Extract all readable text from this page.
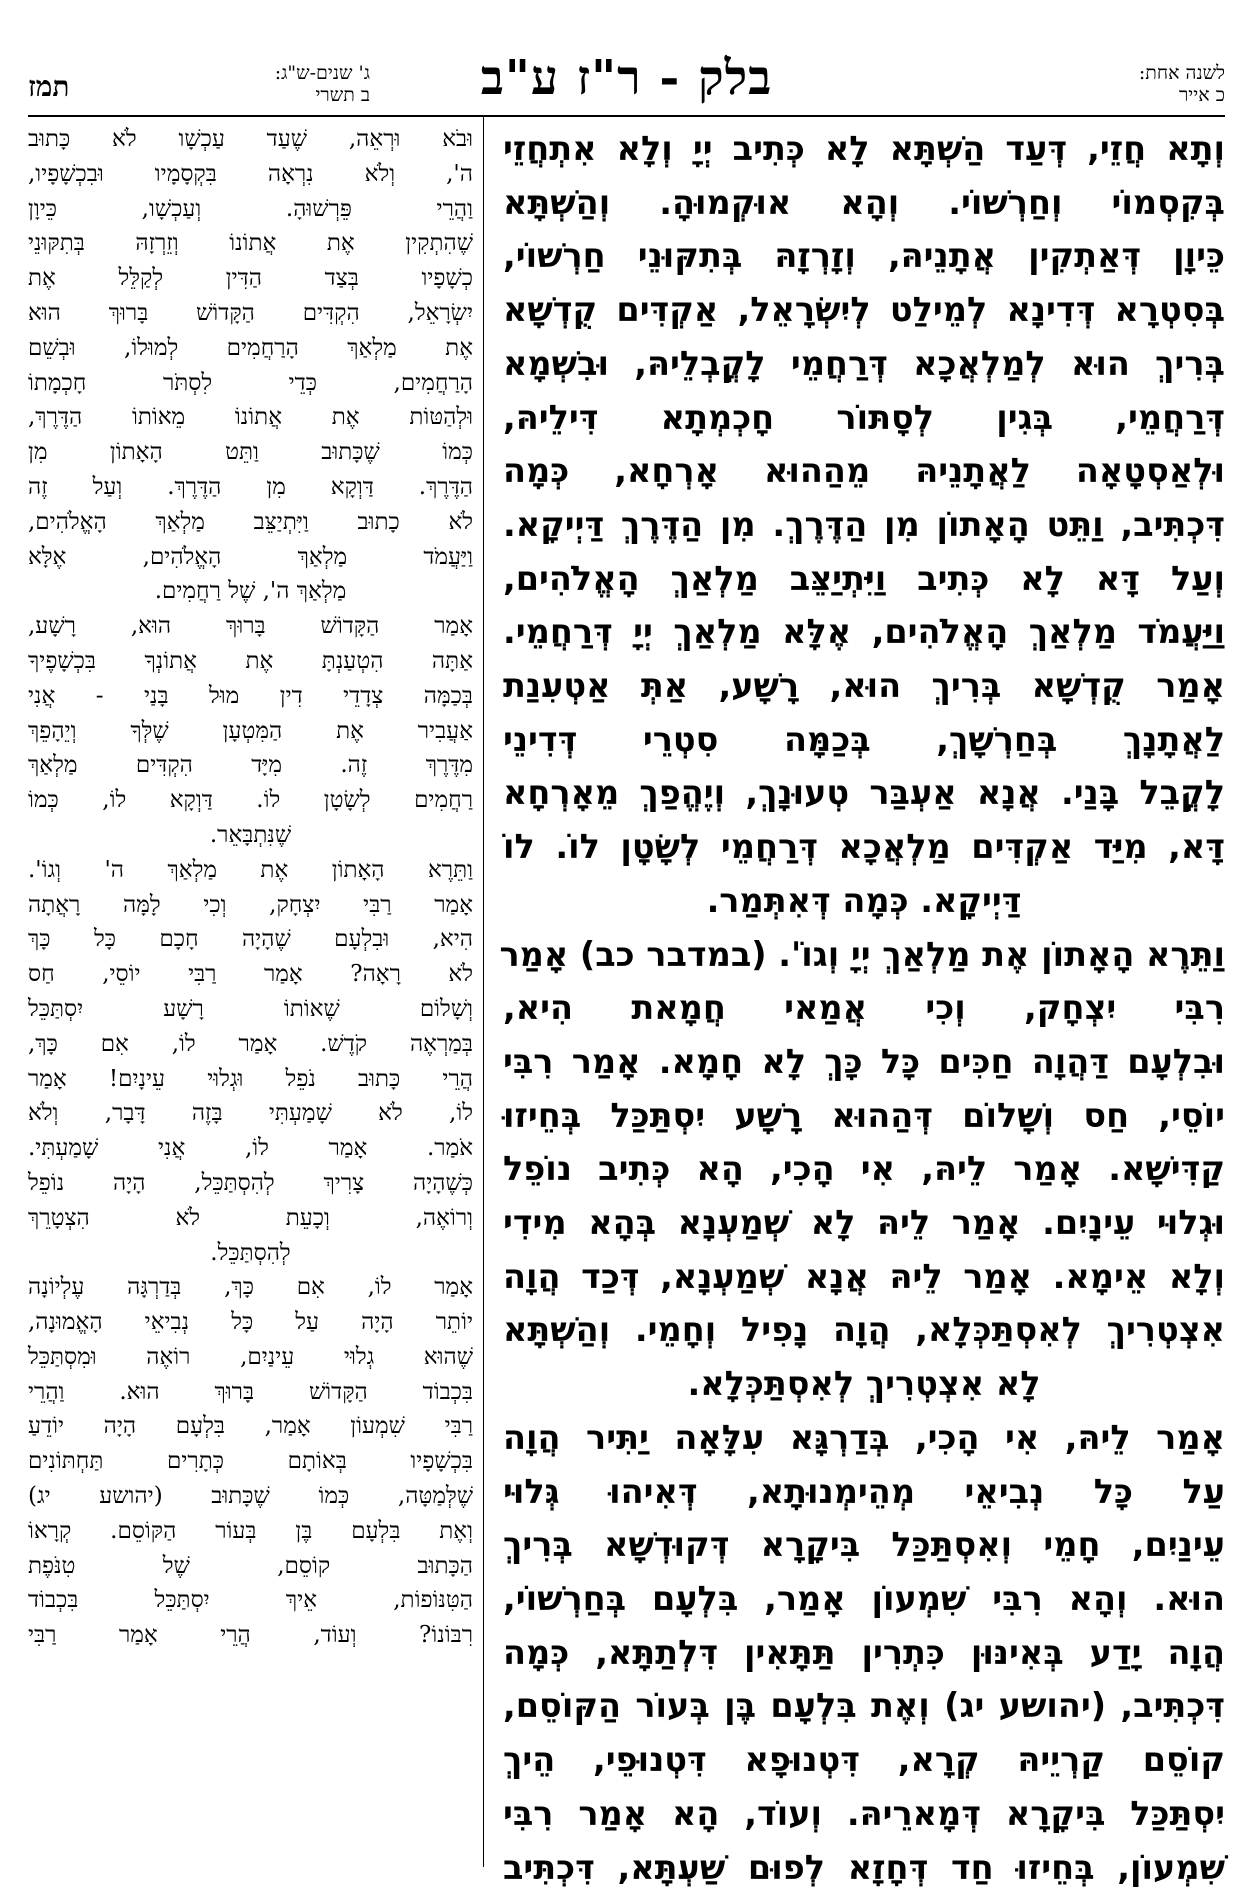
לשנה אחת:
כ אייר
בלק - ר"ז ע"ב
ג' שנים-ש"ג:
ב תשרי
תמז
וְתָא חֲזֵי, דְּעַד הַשְׁתָּא לָא כְּתִיב יְיָ וְלָא אִתְחֲזֵי
בְּקִסְמוֹי וְחַרְשׁוֹי. וְהָא אוּקְמוּהָ. וְהַשְׁתָּא
כֵּיוָן דְּאַתְקִין אֲתָנֵיהּ, וְזָרְזָהּ בְּתִקּוּנֵי חַרְשׁוֹי,
בְּסִטְרָא דְּדִינָא לְמֵילַט לְיִשְׂרָאֵל, אַקְדִּים קֻדְשָׁא
בְּרִיךְ הוּא לְמַלְאֲכָא דְּרַחֲמֵי לָקֳבְלֵיהּ, וּבִשְׁמָא
דְּרַחֲמֵי, בְּגִין לְסָתּוֹר חָכְמְתָא דִּילֵיהּ,
וּלְאַסְטָאָה לַאֲתָנֵיהּ מֵהַהוּא אָרְחָא, כְּמָה
דִּכְתִּיב, וַתֵּט הָאָתוֹן מִן הַדֶּרֶךְ. מִן הַדֶּרֶךְ דַּיְיקָא.
וְעַל דָּא לָא כְּתִיב וַיִּתְיַצֵּב מַלְאַךְ הָאֱלֹהִים,
וַיַּעֲמֹד מַלְאַךְ הָאֱלֹהִים, אֶלָּא מַלְאַךְ יְיָ דְּרַחֲמֵי.
אָמַר קֻדְשָׁא בְּרִיךְ הוּא, רָשָׁע, אַתְּ אַטְעִנַת
לַאֲתָנָךְ בְּחַרְשָׁךְ, בְּכַמָּה סִטְרֵי דְּדִינֵי
לָקֳבֵל בָּנַי. אֲנָא אַעְבַּר טְעוּנָךְ, וְיֶהֱפַךְ מֵאָרְחָא
דָּא, מִיַּד אַקְדִּים מַלְאֲכָא דְּרַחֲמֵי לְשָׂטָן לוֹ. לוֹ
דַּיְיקָא. כְּמָה דְּאִתְּמַר.
וַתֵּרֶא הָאָתוֹן אֶת מַלְאַךְ יְיָ וְגוֹ'. (במדבר כב) אָמַר
רִבִּי יִצְחָק, וְכִי אֲמַאי חֲמָאת הִיא,
וּבִלְעָם דַּהֲוָה חַכִּים כָּל כָּךְ לָא חָמָא. אָמַר רִבִּי
יוֹסֵי, חַס וְשָׁלוֹם דְּהַהוּא רָשָׁע יִסְתַּכַּל בְּחֵיזוּ
קַדִּישָׁא. אָמַר לֵיהּ, אִי הָכִי, הָא כְּתִיב נוֹפֵל
וּגְלוּי עֵינָיִם. אָמַר לֵיהּ לָא שְׁמַעְנָא בְּהָא מִידִי
וְלָא אֵימָא. אָמַר לֵיהּ אֲנָא שְׁמַעְנָא, דְּכַד הֲוָה
אִצְטְרִיךְ לְאִסְתַּכְּלָא, הֲוָה נָפִיל וְחָמֵי. וְהַשְׁתָּא
לָא אִצְטְרִיךְ לְאִסְתַּכְּלָא.
אָמַר לֵיהּ, אִי הָכִי, בְּדַרְגָּא עִלָּאָה יַתִּיר הֲוָה
עַל כָּל נְבִיאֵי מְהֵימְנוּתָא, דְּאִיהוּ גְּלוּי
עֵינַיִם, חָמֵי וְאִסְתַּכַּל בִּיקָרָא דְּקוּדְשָׁא בְּרִיךְ
הוּא. וְהָא רִבִּי שִׁמְעוֹן אָמַר, בִּלְעָם בְּחַרְשׁוֹי,
הֲוָה יָדַע בְּאִינּוּן כִּתְרִין תַּתָּאִין דִּלְתַתָּא, כְּמָה
דִּכְתִּיב, (יהושע יג) וְאֶת בִּלְעָם בֶּן בְּעוֹר הַקּוֹסֵם,
קוֹסֵם קַרְיֵיהּ קְרָא, דִּטְנוּפָא דִּטְנוּפֵי, הֵיךְ
יִסְתַּכַּל בִּיקָרָא דְּמָארֵיהּ. וְעוֹד, הָא אָמַר רִבִּי
שִׁמְעוֹן, בְּחֵיזוּ חַד דְּחָזָא לְפוּם שַׁעְתָּא, דִּכְתִּיב
וּבֹא וּרְאֵה, שֶׁעַד עַכְשָׁו לֹא כָּתוּב
ה', וְלֹא נִרְאָה בִּקְסָמָיו וּבִכְשָׁפָיו,
וַהֲרֵי פֵּרְשׁוּהָ. וְעַכְשָׁו, כֵּיוָן
שֶׁהִתְקִין אֶת אֲתוֹנוֹ וְזֵרְזָהּ בְּתִקּוּנֵי
כְשָׁפָיו בְּצַד הַדִּין לְקַלֵּל אֶת
יִשְׂרָאֵל, הִקְדִּים הַקָּדוֹשׁ בָּרוּךְ הוּא
אֶת מַלְאַךְ הָרַחֲמִים לְמוּלוֹ, וּבְשֵׁם
הָרַחֲמִים, כְּדֵי לִסְתֹּר חָכְמָתוֹ
וּלְהַטּוֹת אֶת אֲתוֹנוֹ מֵאוֹתוֹ הַדֶּרֶךְ,
כְּמוֹ שֶׁכָּתוּב וַתֵּט הָאָתוֹן מִן
הַדֶּרֶךְ. דַּוְקָא מִן הַדֶּרֶךְ. וְעַל זֶה
לֹא כָתוּב וַיִּתְיַצֵּב מַלְאַךְ הָאֱלֹהִים,
וַיַּעֲמֹד מַלְאַךְ הָאֱלֹהִים, אֶלָּא
מַלְאַךְ ה', שֶׁל רַחֲמִים.
אָמַר הַקָּדוֹשׁ בָּרוּךְ הוּא, רָשָׁע,
אַתָּה הִטְעַנְתָּ אֶת אֲתוֹנְךָ בִּכְשָׁפֶיךָ
בְּכַמָּה צְדָדֵי דִין מוּל בָּנַי - אֲנִי
אַעֲבִיר אֶת הַמִּטְעָן שֶׁלְּךָ וְיֵהָפֵךְ
מִדֶּרֶךְ זֶה. מִיָּד הִקְדִּים מַלְאַךְ
רַחֲמִים לְשָׂטָן לוֹ. דַּוְקָא לוֹ, כְּמוֹ
שֶׁנִּתְבָּאֵר.
וַתֵּרֶא הָאָתוֹן אֶת מַלְאַךְ ה' וְגוֹ'.
אָמַר רַבִּי יִצְחָק, וְכִי לָמָּה רָאֲתָה
הִיא, וּבִלְעָם שֶׁהָיָה חָכָם כָּל כָּךְ
לֹא רָאָה? אָמַר רַבִּי יוֹסֵי, חַס
וְשָׁלוֹם שֶׁאוֹתוֹ רָשָׁע יִסְתַּכֵּל
בְּמַרְאֶה קֹדֶשׁ. אָמַר לוֹ, אִם כָּךְ,
הֲרֵי כָּתוּב נֹפֵל וּגְלוּי עֵינָיִם! אָמַר
לוֹ, לֹא שָׁמַעְתִּי בָּזֶה דָּבָר, וְלֹא
אֹמַר. אָמַר לוֹ, אֲנִי שָׁמַעְתִּי.
כְּשֶׁהָיָה צָרִיךְ לְהִסְתַּכֵּל, הָיָה נוֹפֵל
וְרוֹאֶה, וְכָעֵת לֹא הִצְטָרֵךְ
לְהִסְתַּכֵּל.
אָמַר לוֹ, אִם כָּךְ, בְּדַרְגָּה עֶלְיוֹנָה
יוֹתֵר הָיָה עַל כָּל נְבִיאֵי הָאֱמוּנָה,
שֶׁהוּא גְלוּי עֵינַיִם, רוֹאֶה וּמִסְתַּכֵּל
בִּכְבוֹד הַקָּדוֹשׁ בָּרוּךְ הוּא. וַהֲרֵי
רַבִּי שִׁמְעוֹן אָמַר, בִּלְעָם הָיָה יוֹדֵעַ
בִּכְשָׁפָיו בְּאוֹתָם כְּתָרִים תַּחְתּוֹנִים
שֶׁלְּמַטָּה, כְּמוֹ שֶׁכָּתוּב (יהושע יג)
וְאֶת בִּלְעָם בֶּן בְּעוֹר הַקּוֹסֵם. קְרָאוֹ
הַכָּתוּב קוֹסֵם, שֶׁל טִנֹּפֶת
הַטִּנּוֹפוֹת, אֵיךְ יִסְתַּכֵּל בִּכְבוֹד
רִבּוֹנוֹ? וְעוֹד, הֲרֵי אָמַר רַבִּי
